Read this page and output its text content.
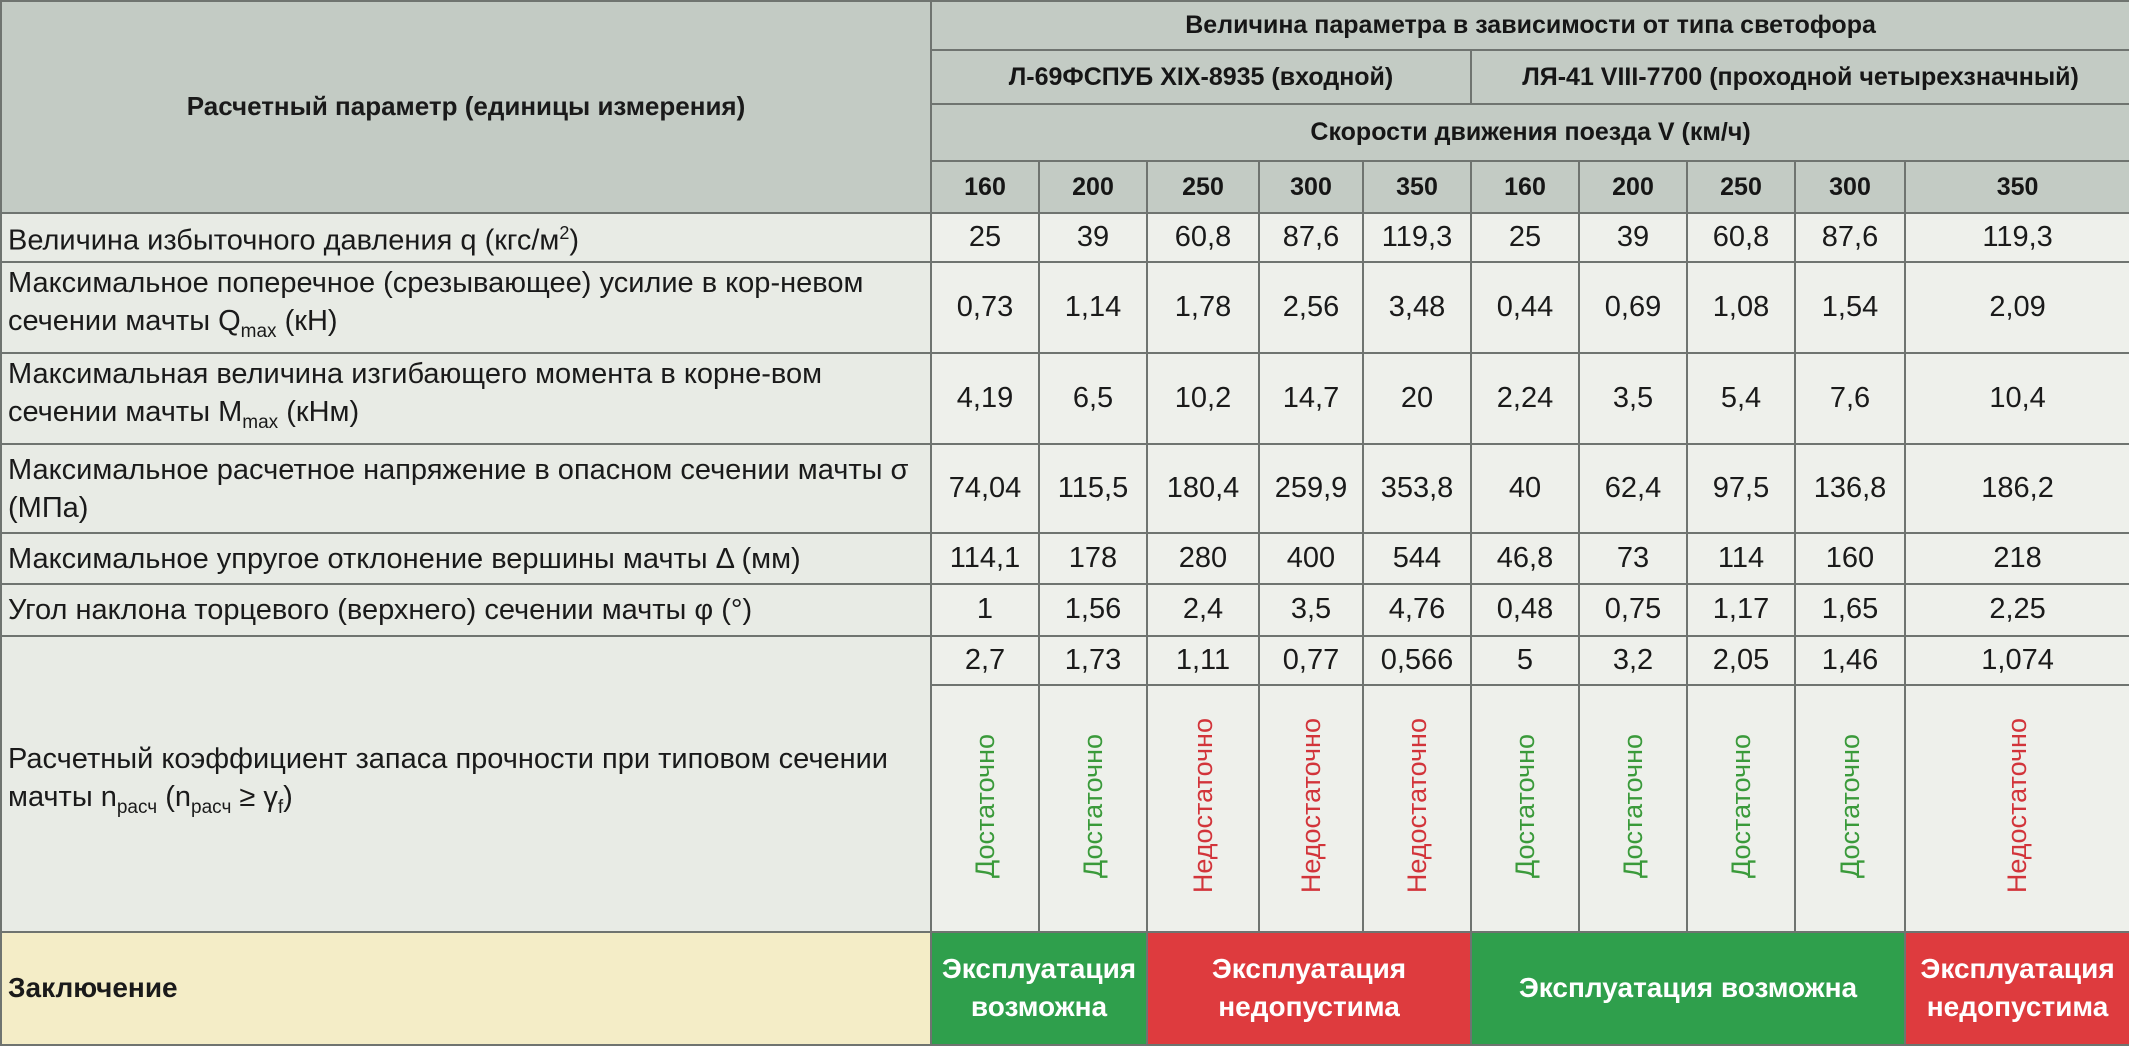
Расчетный параметр (единицы измерения)	Величина параметра в зависимости от типа светофора									
	Л-69ФСПУБ XIX-8935 (входной)					ЛЯ-41 VIII-7700 (проходной четырехзначный)				
	Скорости движения поезда V (км/ч)									
	160	200	250	300	350	160	200	250	300	350
Величина избыточного давления q $(кгс/м^2)$	25	39	60,8	87,6	119,3	25	39	60,8	87,6	119,3
Максимальное поперечное (срезывающее) усилие в кор-невом сечении мачты $Q_{max}$ (кН)	0,73	1,14	1,78	2,56	3,48	0,44	0,69	1,08	1,54	2,09
Максимальная величина изгибающего момента в корне-вом сечении мачты $M_{max}$ (кНм)	4,19	6,5	10,2	14,7	20	2,24	3,5	5,4	7,6	10,4
Максимальное расчетное напряжение в опасном сечении мачты σ (МПа)	74,04	115,5	180,4	259,9	353,8	40	62,4	97,5	136,8	186,2
Максимальное упругое отклонение вершины мачты Δ (мм)	114,1	178	280	400	544	46,8	73	114	160	218
Угол наклона торцевого (верхнего) сечении мачты φ (°)	1	1,56	2,4	3,5	4,76	0,48	0,75	1,17	1,65	2,25
Расчетный коэффициент запаса прочности при типовом сечении мачты $n_{расч}$ $(n_{расч} \ge \gamma_f)$	2,7	1,73	1,11	0,77	0,566	5	3,2	2,05	1,46	1,074
	Достаточно	Достаточно	Недостаточно	Недостаточно	Недостаточно	Достаточно	Достаточно	Достаточно	Достаточно	Недостаточно
Заключение	Эксплуатация возможна		Эксплуатация недопустима			Эксплуатация возможна				Эксплуатация недопустима
